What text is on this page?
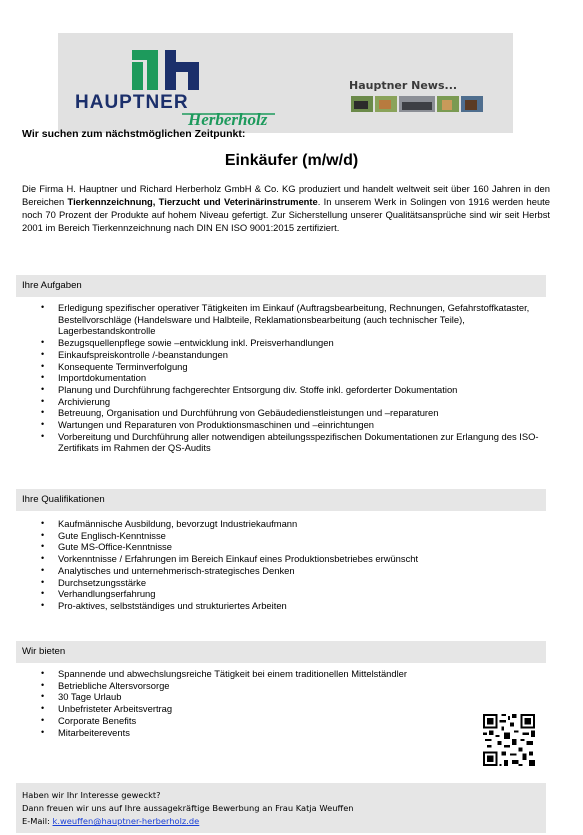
HAUPTNER
Herberholz
Hauptner News...
Wir suchen zum nächstmöglichen Zeitpunkt:
Einkäufer (m/w/d)

Die Firma H. Hauptner und Richard Herberholz GmbH & Co. KG produziert und handelt weltweit seit über 160 Jahren in den Bereichen Tierkennzeichnung, Tierzucht und Veterinärinstrumente. In unserem Werk in Solingen von 1916 werden heute noch 70 Prozent der Produkte auf hohem Niveau gefertigt. Zur Sicherstellung unserer Qualitätsansprüche sind wir seit Herbst 2001 im Bereich Tierkennzeichnung nach DIN EN ISO 9001:2015 zertifiziert.

Ihre Aufgaben
• Erledigung spezifischer operativer Tätigkeiten im Einkauf (Auftragsbearbeitung, Rechnungen, Gefahrstoffkataster, Bestellvorschläge (Handelsware und Halbteile, Reklamationsbearbeitung (auch technischer Teile), Lagerbestandskontrolle
• Bezugsquellenpflege sowie –entwicklung inkl. Preisverhandlungen
• Einkaufspreiskontrolle /-beanstandungen
• Konsequente Terminverfolgung
• Importdokumentation
• Planung und Durchführung fachgerechter Entsorgung div. Stoffe inkl. geforderter Dokumentation
• Archivierung
• Betreuung, Organisation und Durchführung von Gebäudedienstleistungen und –reparaturen
• Wartungen und Reparaturen von Produktionsmaschinen und –einrichtungen
• Vorbereitung und Durchführung aller notwendigen abteilungsspezifischen Dokumentationen zur Erlangung des ISO-Zertifikats im Rahmen der QS-Audits
Ihre Qualifikationen
• Kaufmännische Ausbildung, bevorzugt Industriekaufmann
• Gute Englisch-Kenntnisse
• Gute MS-Office-Kenntnisse
• Vorkenntnisse / Erfahrungen im Bereich Einkauf eines Produktionsbetriebes erwünscht
• Analytisches und unternehmerisch-strategisches Denken
• Durchsetzungsstärke
• Verhandlungserfahrung
• Pro-aktives, selbstständiges und strukturiertes Arbeiten
Wir bieten
• Spannende und abwechslungsreiche Tätigkeit bei einem traditionellen Mittelständler
• Betriebliche Altersvorsorge
• 30 Tage Urlaub
• Unbefristeter Arbeitsvertrag
• Corporate Benefits
• Mitarbeiterevents
Haben wir Ihr Interesse geweckt?
Dann freuen wir uns auf Ihre aussagekräftige Bewerbung an Frau Katja Weuffen
E-Mail: k.weuffen@hauptner-herberholz.de
